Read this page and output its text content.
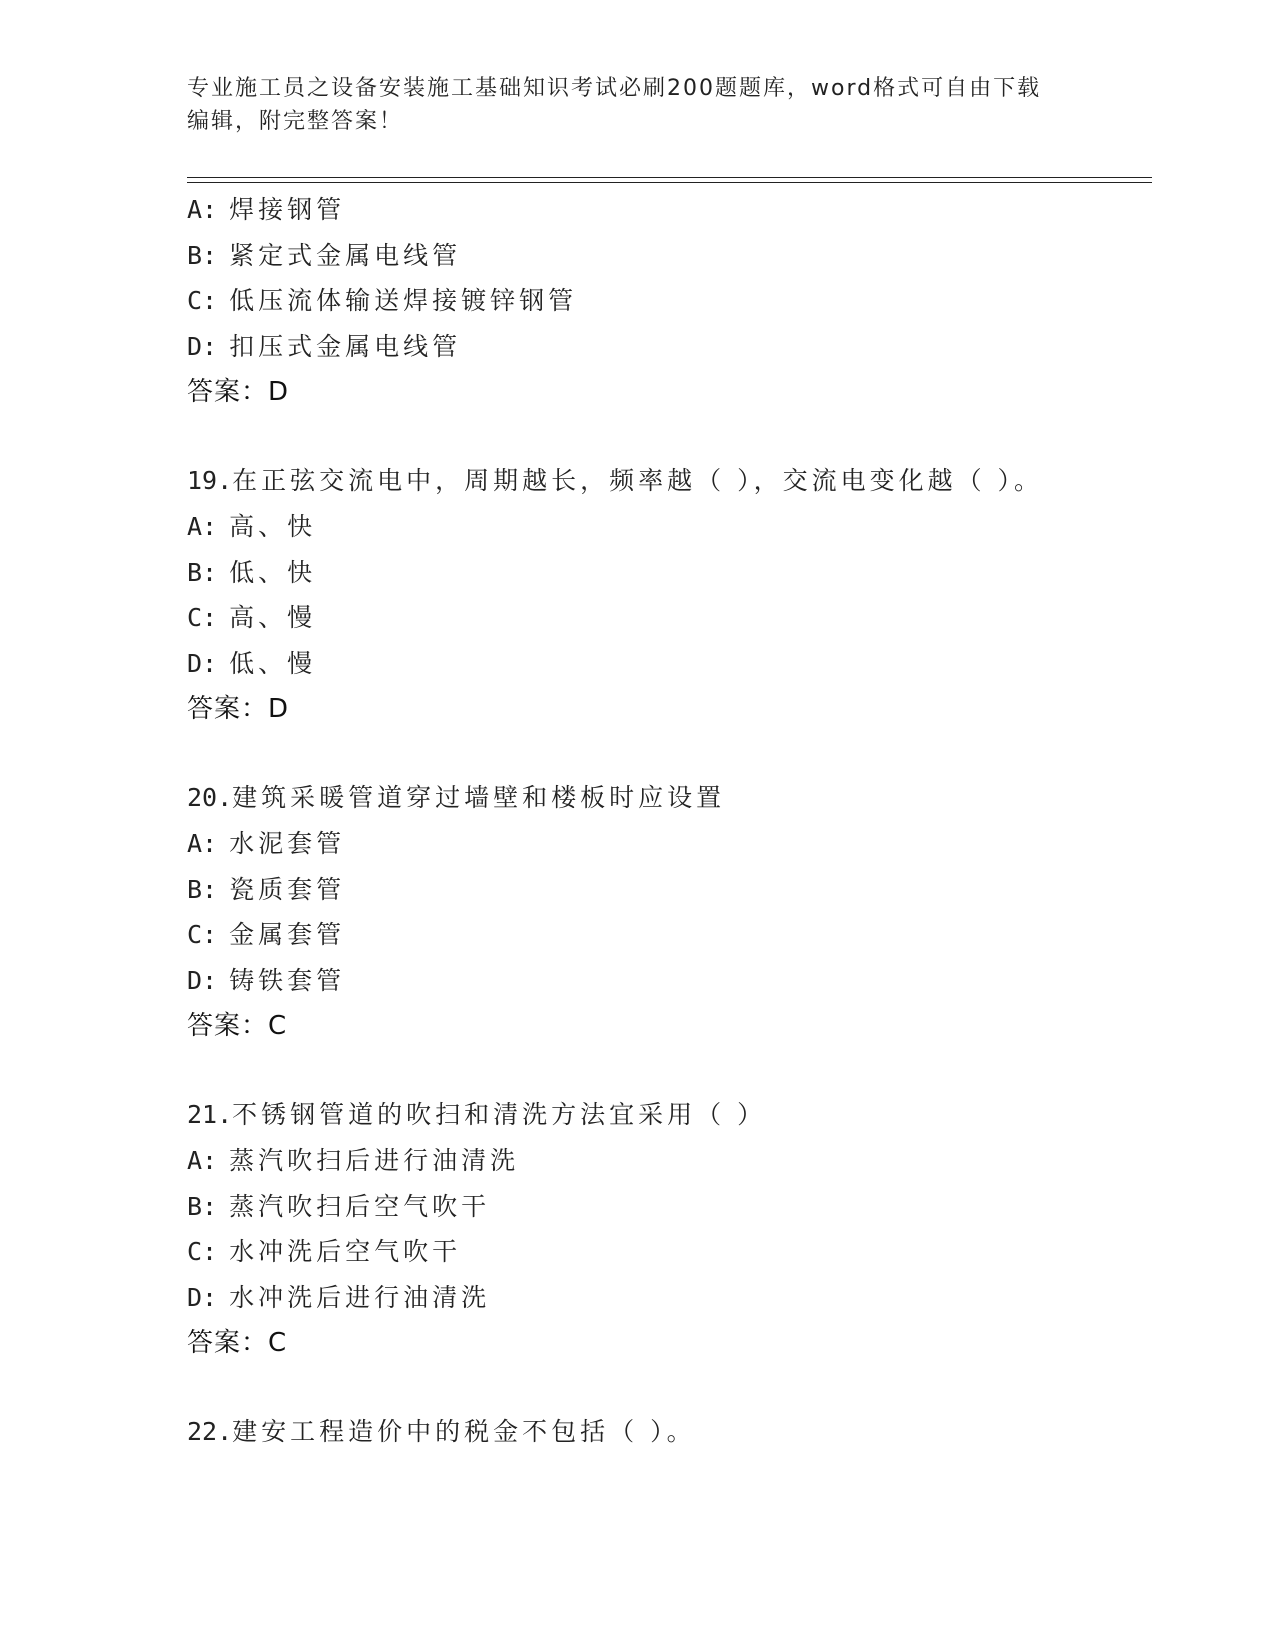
专业施工员之设备安装施工基础知识考试必刷200题题库，word格式可自由下载
编辑，附完整答案！
A: 焊接钢管
B: 紧定式金属电线管
C: 低压流体输送焊接镀锌钢管
D: 扣压式金属电线管
答案：D
19.在正弦交流电中，周期越长，频率越（ ），交流电变化越（ ）。
A: 高、快
B: 低、快
C: 高、慢
D: 低、慢
答案：D
20.建筑采暖管道穿过墙壁和楼板时应设置
A: 水泥套管
B: 瓷质套管
C: 金属套管
D: 铸铁套管
答案：C
21.不锈钢管道的吹扫和清洗方法宜采用（ ）
A: 蒸汽吹扫后进行油清洗
B: 蒸汽吹扫后空气吹干
C: 水冲洗后空气吹干
D: 水冲洗后进行油清洗
答案：C
22.建安工程造价中的税金不包括（ ）。
